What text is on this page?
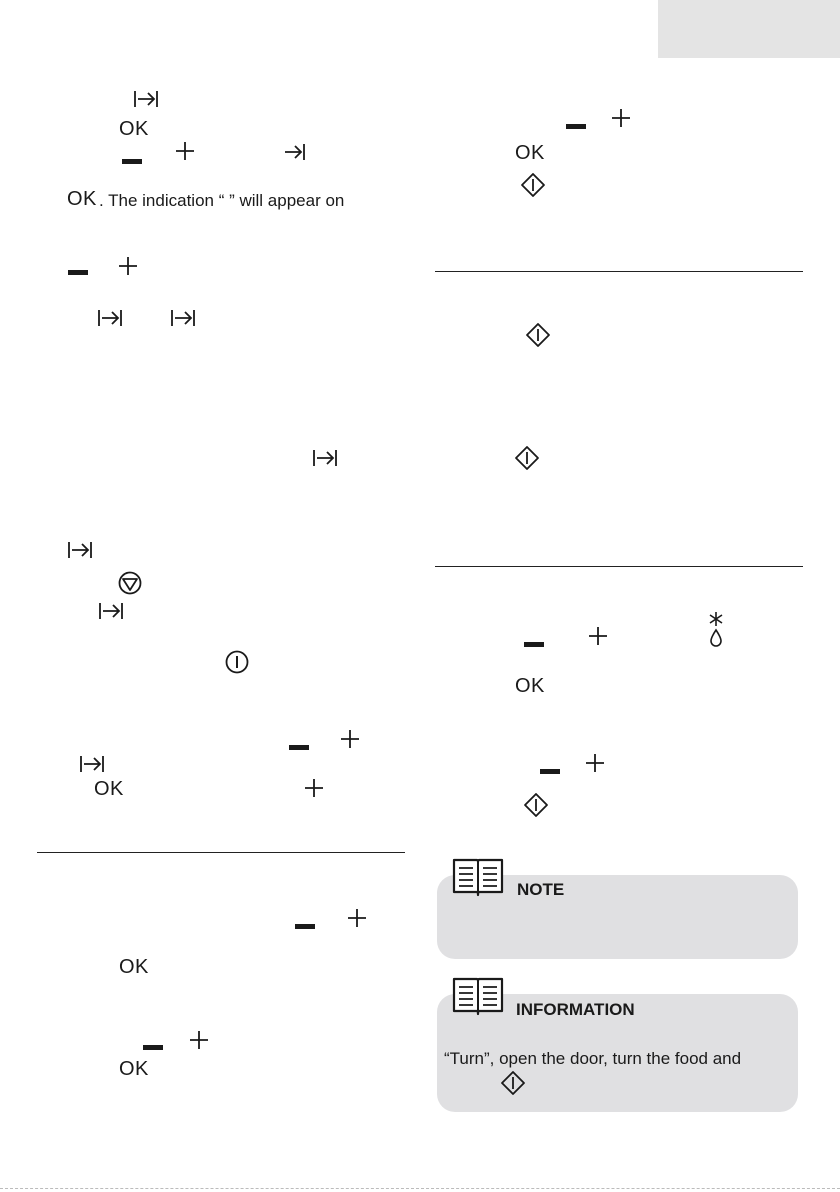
OK
OK . The indication “ ” will appear on
OK
OK
OK
OK
OK
NOTE
INFORMATION
“Turn”, open the door, turn the food and
